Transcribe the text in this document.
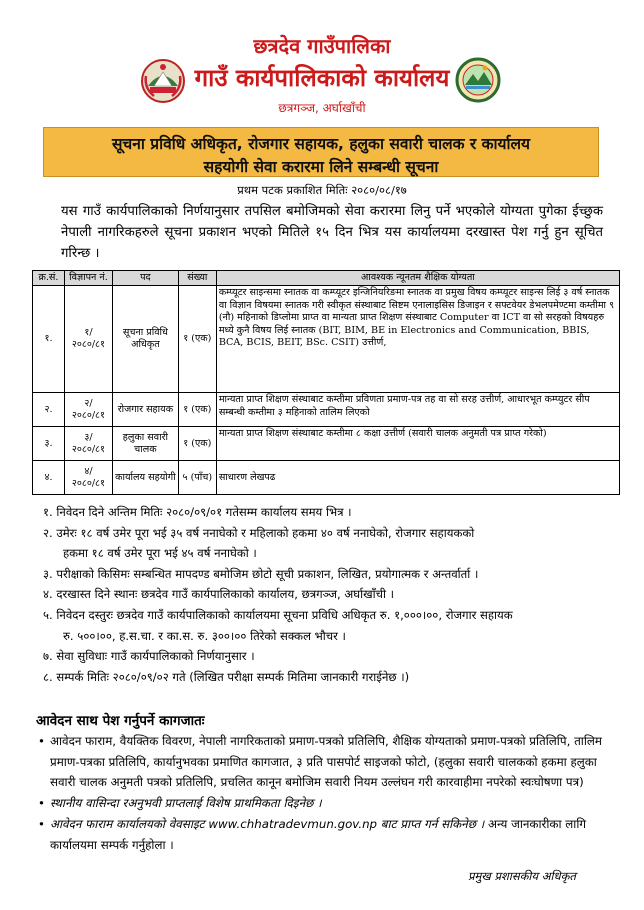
छत्रदेव गाउँपालिका
गाउँ कार्यपालिकाको कार्यालय
छत्रगञ्ज, अर्घाखाँची
सूचना प्रविधि अधिकृत, रोजगार सहायक, हलुका सवारी चालक र कार्यालय
सहयोगी सेवा करारमा लिने सम्बन्धी सूचना
प्रथम पटक प्रकाशित मितिः २०८०/०८/१७
यस गाउँ कार्यपालिकाको निर्णयानुसार तपसिल बमोजिमको सेवा करारमा लिनु पर्ने भएकोले योग्यता पुगेका ईच्छुक नेपाली नागरिकहरुले सूचना प्रकाशन भएको मितिले १५ दिन भित्र यस कार्यालयमा दरखास्त पेश गर्नु हुन सूचित गरिन्छ ।
क्र.सं.	विज्ञापन नं.	पद	संख्या	आवश्यक न्यूनतम शैक्षिक योग्यता
१.	१/ २०८०/८१	सूचना प्रविधि अधिकृत	१ (एक)	कम्प्यूटर साइन्समा स्नातक वा कम्प्यूटर इन्जिनियरिङमा स्नातक वा प्रमुख विषय कम्प्यूटर साइन्स लिई ३ वर्ष स्नातक वा विज्ञान विषयमा स्नातक गरी स्वीकृत संस्थाबाट सिष्टम एनालाइसिस डिजाइन र सफ्टवेयर डेभलपमेण्टमा कम्तीमा ९ (नौ) महिनाको डिप्लोमा प्राप्त वा मान्यता प्राप्त शिक्षण संस्थाबाट Computer वा ICT वा सो सरहको विषयहरु मध्ये कुनै विषय लिई स्नातक (BIT, BIM, BE in Electronics and Communication, BBIS, BCA, BCIS, BEIT, BSc. CSIT) उत्तीर्ण,
२.	२/ २०८०/८१	रोजगार सहायक	१ (एक)	मान्यता प्राप्त शिक्षण संस्थाबाट कम्तीमा प्रविणता प्रमाण-पत्र तह वा सो सरह उत्तीर्ण, आधारभूत कम्प्युटर सीप सम्बन्धी कम्तीमा ३ महिनाको तालिम लिएको
३.	३/ २०८०/८१	हलुका सवारी चालक	१ (एक)	मान्यता प्राप्त शिक्षण संस्थाबाट कम्तीमा ८ कक्षा उत्तीर्ण (सवारी चालक अनुमती पत्र प्राप्त गरेको)
४.	४/ २०८०/८१	कार्यालय सहयोगी	५ (पाँच)	साधारण लेखपढ
१. निवेदन दिने अन्तिम मितिः २०८०/०९/०१ गतेसम्म कार्यालय समय भित्र ।
२. उमेरः १८ वर्ष उमेर पूरा भई ३५ वर्ष ननाघेको र महिलाको हकमा ४० वर्ष ननाघेको, रोजगार सहायकको
हकमा १८ वर्ष उमेर पूरा भई ४५ वर्ष ननाघेको ।
३. परीक्षाको किसिमः सम्बन्धित मापदण्ड बमोजिम छोटो सूची प्रकाशन, लिखित, प्रयोगात्मक र अन्तर्वार्ता ।
४. दरखास्त दिने स्थानः छत्रदेव गाउँ कार्यपालिकाको कार्यालय, छत्रगञ्ज, अर्घाखाँची ।
५. निवेदन दस्तुरः छत्रदेव गाउँ कार्यपालिकाको कार्यालयमा सूचना प्रविधि अधिकृत रु. १,०००।००, रोजगार सहायक
रु. ५००।००, ह.स.चा. र का.स. रु. ३००।०० तिरेको सक्कल भौचर ।
७. सेवा सुविधाः गाउँ कार्यपालिकाको निर्णयानुसार ।
८. सम्पर्क मितिः २०८०/०९/०२ गते (लिखित परीक्षा सम्पर्क मितिमा जानकारी गराईनेछ ।)
आवेदन साथ पेश गर्नुपर्ने कागजातः
• आवेदन फाराम, वैयक्तिक विवरण, नेपाली नागरिकताको प्रमाण-पत्रको प्रतिलिपि, शैक्षिक योग्यताको प्रमाण-पत्रको प्रतिलिपि, तालिम प्रमाण-पत्रका प्रतिलिपि, कार्यानुभवका प्रमाणित कागजात, ३ प्रति पासपोर्ट साइजको फोटो, (हलुका सवारी चालकको हकमा हलुका सवारी चालक अनुमती पत्रको प्रतिलिपि, प्रचलित कानून बमोजिम सवारी नियम उल्लंघन गरी कारवाहीमा नपरेको स्वःघोषणा पत्र)
• स्थानीय वासिन्दा रअनुभवी प्राप्तलाई विशेष प्राथमिकता दिइनेछ ।
• आवेदन फाराम कार्यालयको वेवसाइट www.chhatradevmun.gov.np बाट प्राप्त गर्न सकिनेछ । अन्य जानकारीका लागि कार्यालयमा सम्पर्क गर्नुहोला ।
प्रमुख प्रशासकीय अधिकृत
